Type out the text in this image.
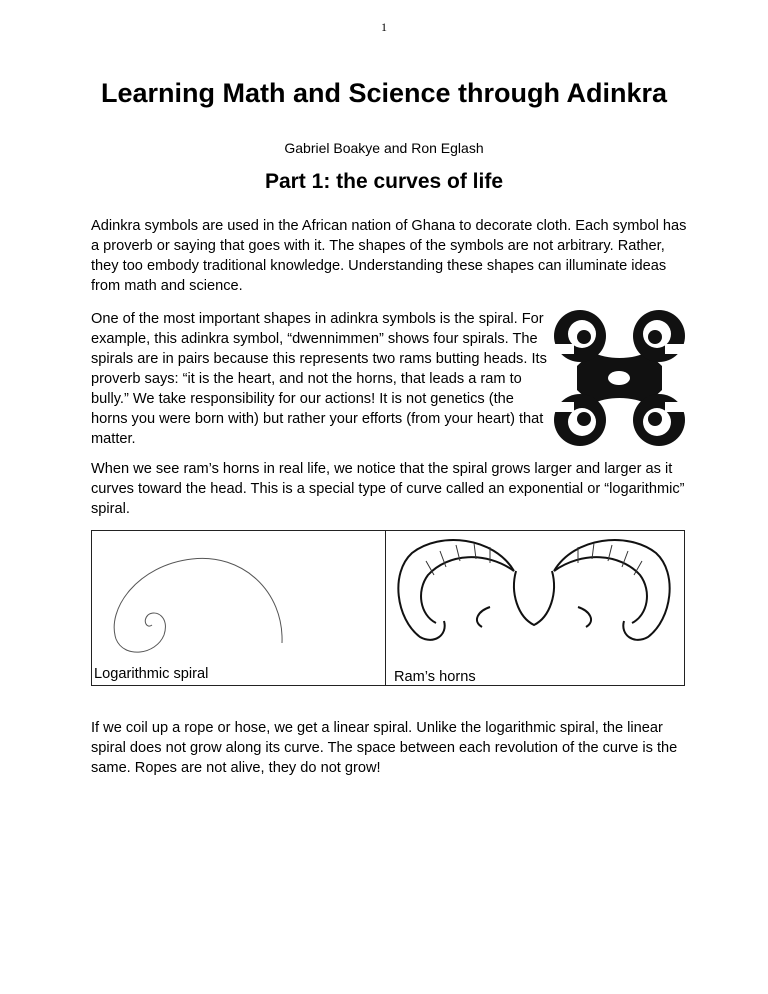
1
Learning Math and Science through Adinkra
Gabriel Boakye and Ron Eglash
Part 1: the curves of life

Adinkra symbols are used in the African nation of Ghana to decorate cloth. Each symbol has a proverb or saying that goes with it. The shapes of the symbols are not arbitrary. Rather, they too embody traditional knowledge. Understanding these shapes can illuminate ideas from math and science.

One of the most important shapes in adinkra symbols is the spiral. For example, this adinkra symbol, “dwennimmen” shows four spirals. The spirals are in pairs because this represents two rams butting heads. Its proverb says: “it is the heart, and not the horns, that leads a ram to bully.” We take responsibility for our actions! It is not genetics (the horns you were born with) but rather your efforts (from your heart) that matter.

When we see ram’s horns in real life, we notice that the spiral grows larger and larger as it curves toward the head. This is a special type of curve called an exponential or “logarithmic” spiral.

Logarithmic spiral	Ram’s horns

If we coil up a rope or hose, we get a linear spiral. Unlike the logarithmic spiral, the linear spiral does not grow along its curve. The space between each revolution of the curve is the same. Ropes are not alive, they do not grow!
